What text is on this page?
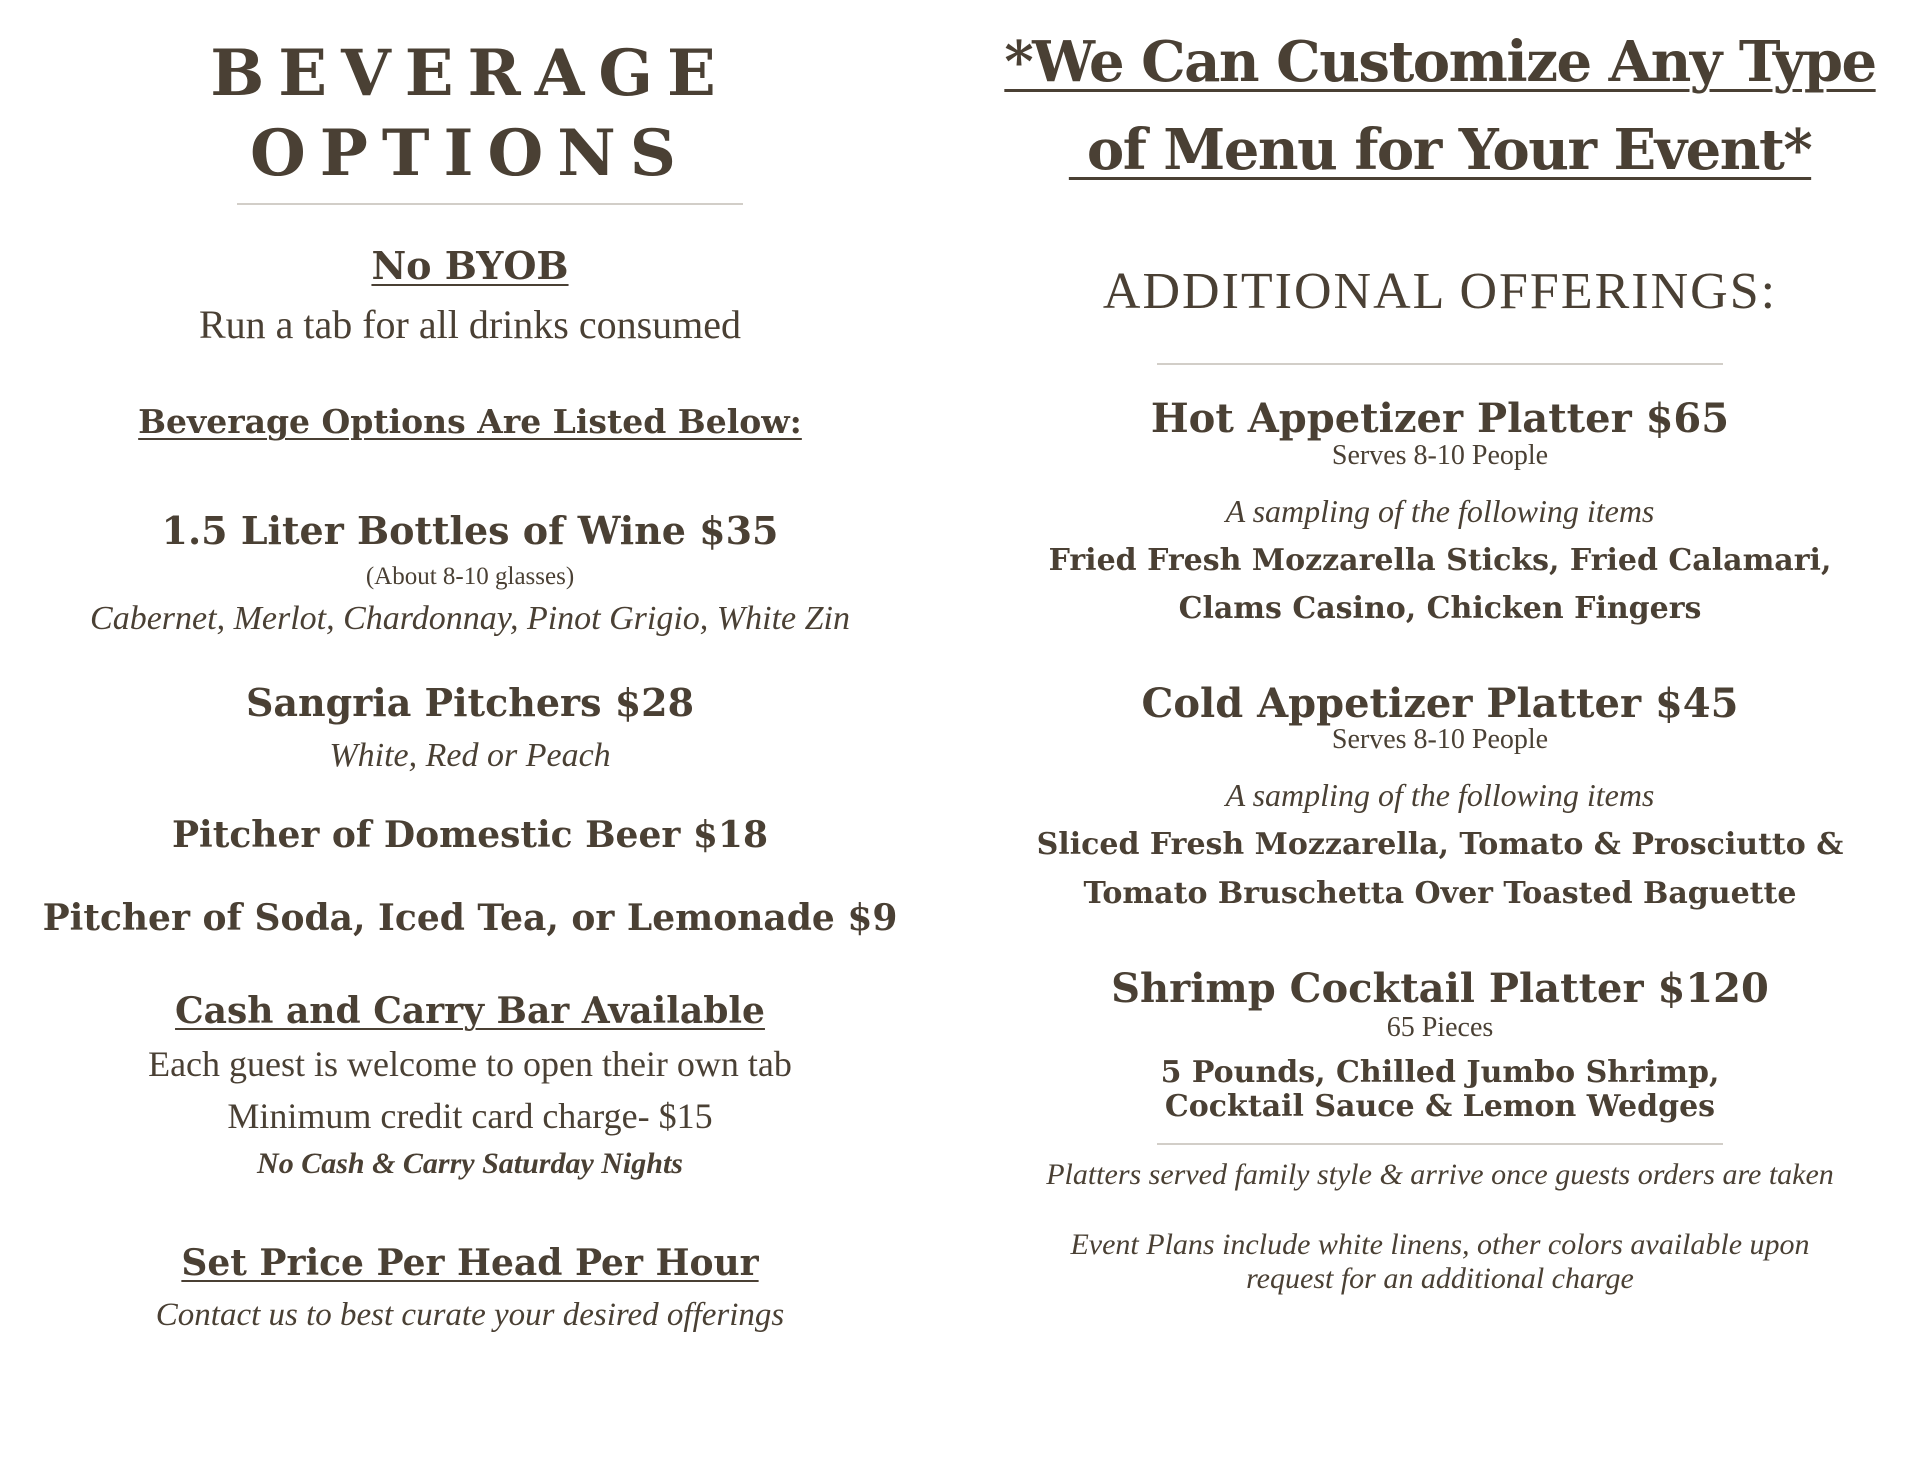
BEVERAGE
OPTIONS
No BYOB
Run a tab for all drinks consumed
Beverage Options Are Listed Below:
1.5 Liter Bottles of Wine $35
(About 8-10 glasses)
Cabernet, Merlot, Chardonnay, Pinot Grigio, White Zin
Sangria Pitchers $28
White, Red or Peach
Pitcher of Domestic Beer $18
Pitcher of Soda, Iced Tea, or Lemonade $9
Cash and Carry Bar Available
Each guest is welcome to open their own tab
Minimum credit card charge- $15
No Cash & Carry Saturday Nights
Set Price Per Head Per Hour
Contact us to best curate your desired offerings
*We Can Customize Any Type
of Menu for Your Event*
ADDITIONAL OFFERINGS:
Hot Appetizer Platter $65
Serves 8-10 People
A sampling of the following items
Fried Fresh Mozzarella Sticks, Fried Calamari,
Clams Casino, Chicken Fingers
Cold Appetizer Platter $45
Serves 8-10 People
A sampling of the following items
Sliced Fresh Mozzarella, Tomato & Prosciutto &
Tomato Bruschetta Over Toasted Baguette
Shrimp Cocktail Platter $120
65 Pieces
5 Pounds, Chilled Jumbo Shrimp,
Cocktail Sauce & Lemon Wedges
Platters served family style & arrive once guests orders are taken
Event Plans include white linens, other colors available upon
request for an additional charge
